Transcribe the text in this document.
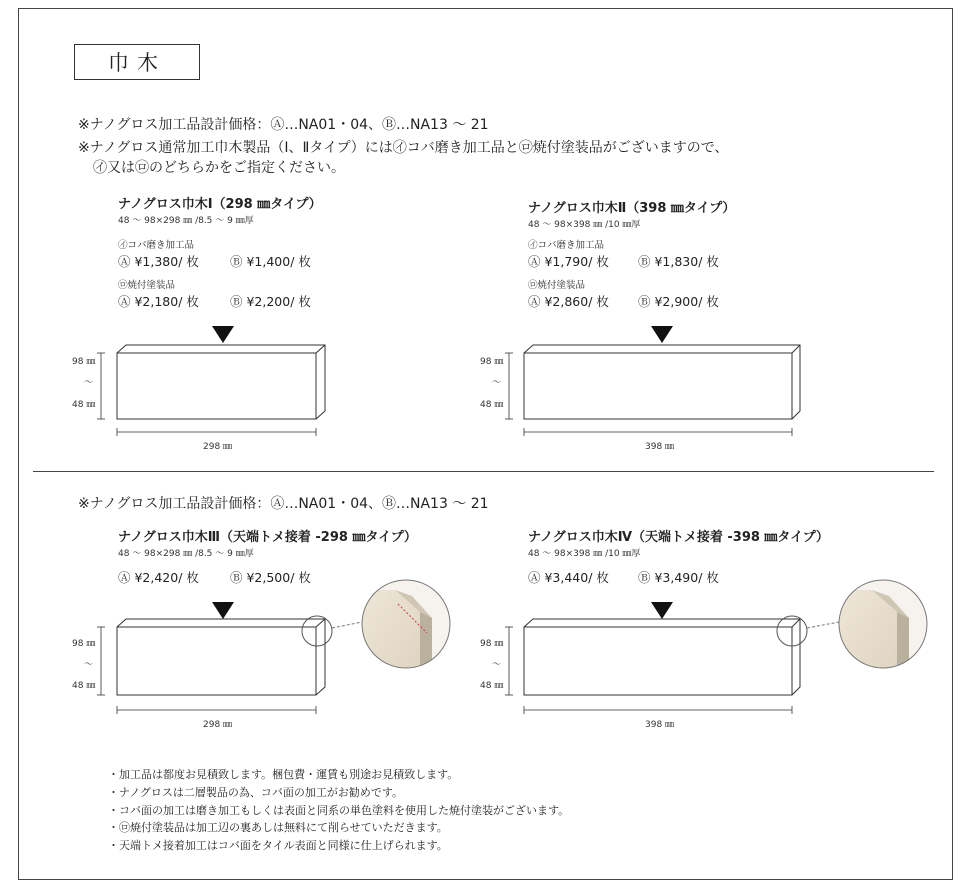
巾木
※ナノグロス加工品設計価格：Ⓐ…NA01・04、Ⓑ…NA13 〜 21
※ナノグロス通常加工巾木製品（Ⅰ、Ⅱタイプ）には㋑コバ磨き加工品と㋺焼付塗装品がございますので、
㋑又は㋺のどちらかをご指定ください。
ナノグロス巾木Ⅰ（298 ㎜タイプ）
48 〜 98×298 ㎜ /8.5 〜 9 ㎜厚
㋑コバ磨き加工品
Ⓐ ¥1,380/ 枚 Ⓑ ¥1,400/ 枚
㋺焼付塗装品
Ⓐ ¥2,180/ 枚 Ⓑ ¥2,200/ 枚
ナノグロス巾木Ⅱ（398 ㎜タイプ）
48 〜 98×398 ㎜ /10 ㎜厚
㋑コバ磨き加工品
Ⓐ ¥1,790/ 枚 Ⓑ ¥1,830/ 枚
㋺焼付塗装品
Ⓐ ¥2,860/ 枚 Ⓑ ¥2,900/ 枚
98 ㎜
〜
48 ㎜
298 ㎜
98 ㎜
〜
48 ㎜
398 ㎜
※ナノグロス加工品設計価格：Ⓐ…NA01・04、Ⓑ…NA13 〜 21
ナノグロス巾木Ⅲ（天端トメ接着 -298 ㎜タイプ）
48 〜 98×298 ㎜ /8.5 〜 9 ㎜厚
Ⓐ ¥2,420/ 枚 Ⓑ ¥2,500/ 枚
ナノグロス巾木Ⅳ（天端トメ接着 -398 ㎜タイプ）
48 〜 98×398 ㎜ /10 ㎜厚
Ⓐ ¥3,440/ 枚 Ⓑ ¥3,490/ 枚
98 ㎜
〜
48 ㎜
298 ㎜
98 ㎜
〜
48 ㎜
398 ㎜
・加工品は都度お見積致します。梱包費・運賃も別途お見積致します。
・ナノグロスは二層製品の為、コバ面の加工がお勧めです。
・コバ面の加工は磨き加工もしくは表面と同系の単色塗料を使用した焼付塗装がございます。
・㋺焼付塗装品は加工辺の裏あしは無料にて削らせていただきます。
・天端トメ接着加工はコバ面をタイル表面と同様に仕上げられます。
